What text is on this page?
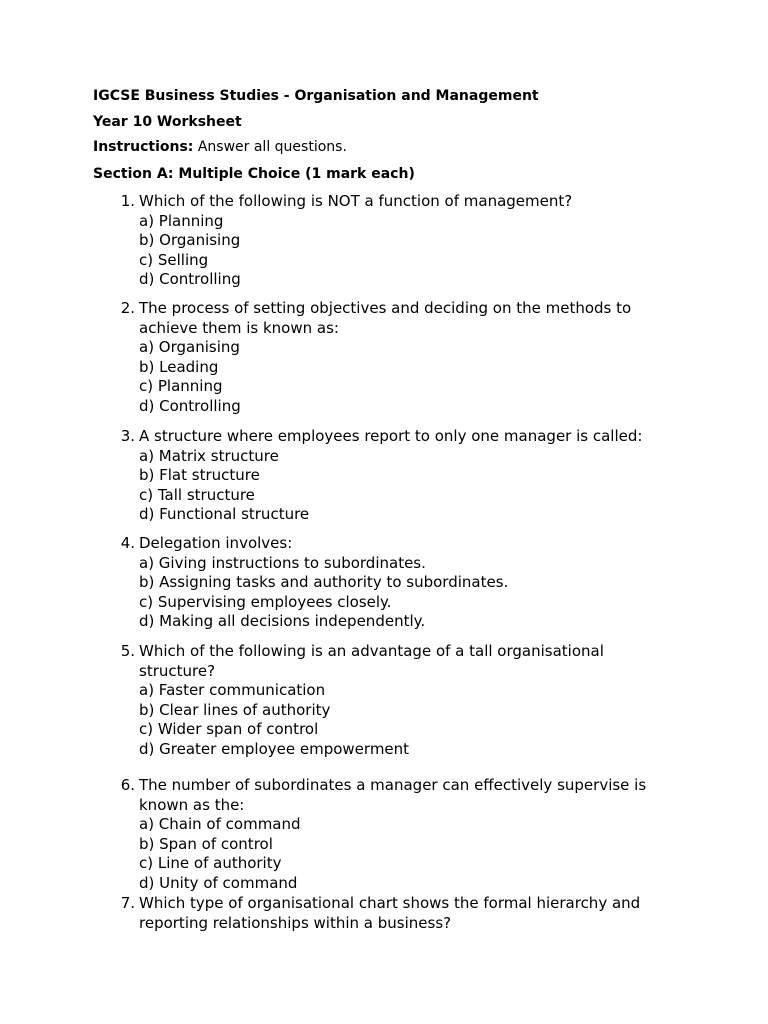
IGCSE Business Studies - Organisation and Management
Year 10 Worksheet
Instructions: Answer all questions.
Section A: Multiple Choice (1 mark each)
1. Which of the following is NOT a function of management?
a) Planning
b) Organising
c) Selling
d) Controlling
2. The process of setting objectives and deciding on the methods to
achieve them is known as:
a) Organising
b) Leading
c) Planning
d) Controlling
3. A structure where employees report to only one manager is called:
a) Matrix structure
b) Flat structure
c) Tall structure
d) Functional structure
4. Delegation involves:
a) Giving instructions to subordinates.
b) Assigning tasks and authority to subordinates.
c) Supervising employees closely.
d) Making all decisions independently.
5. Which of the following is an advantage of a tall organisational
structure?
a) Faster communication
b) Clear lines of authority
c) Wider span of control
d) Greater employee empowerment
6. The number of subordinates a manager can effectively supervise is
known as the:
a) Chain of command
b) Span of control
c) Line of authority
d) Unity of command
7. Which type of organisational chart shows the formal hierarchy and
reporting relationships within a business?
